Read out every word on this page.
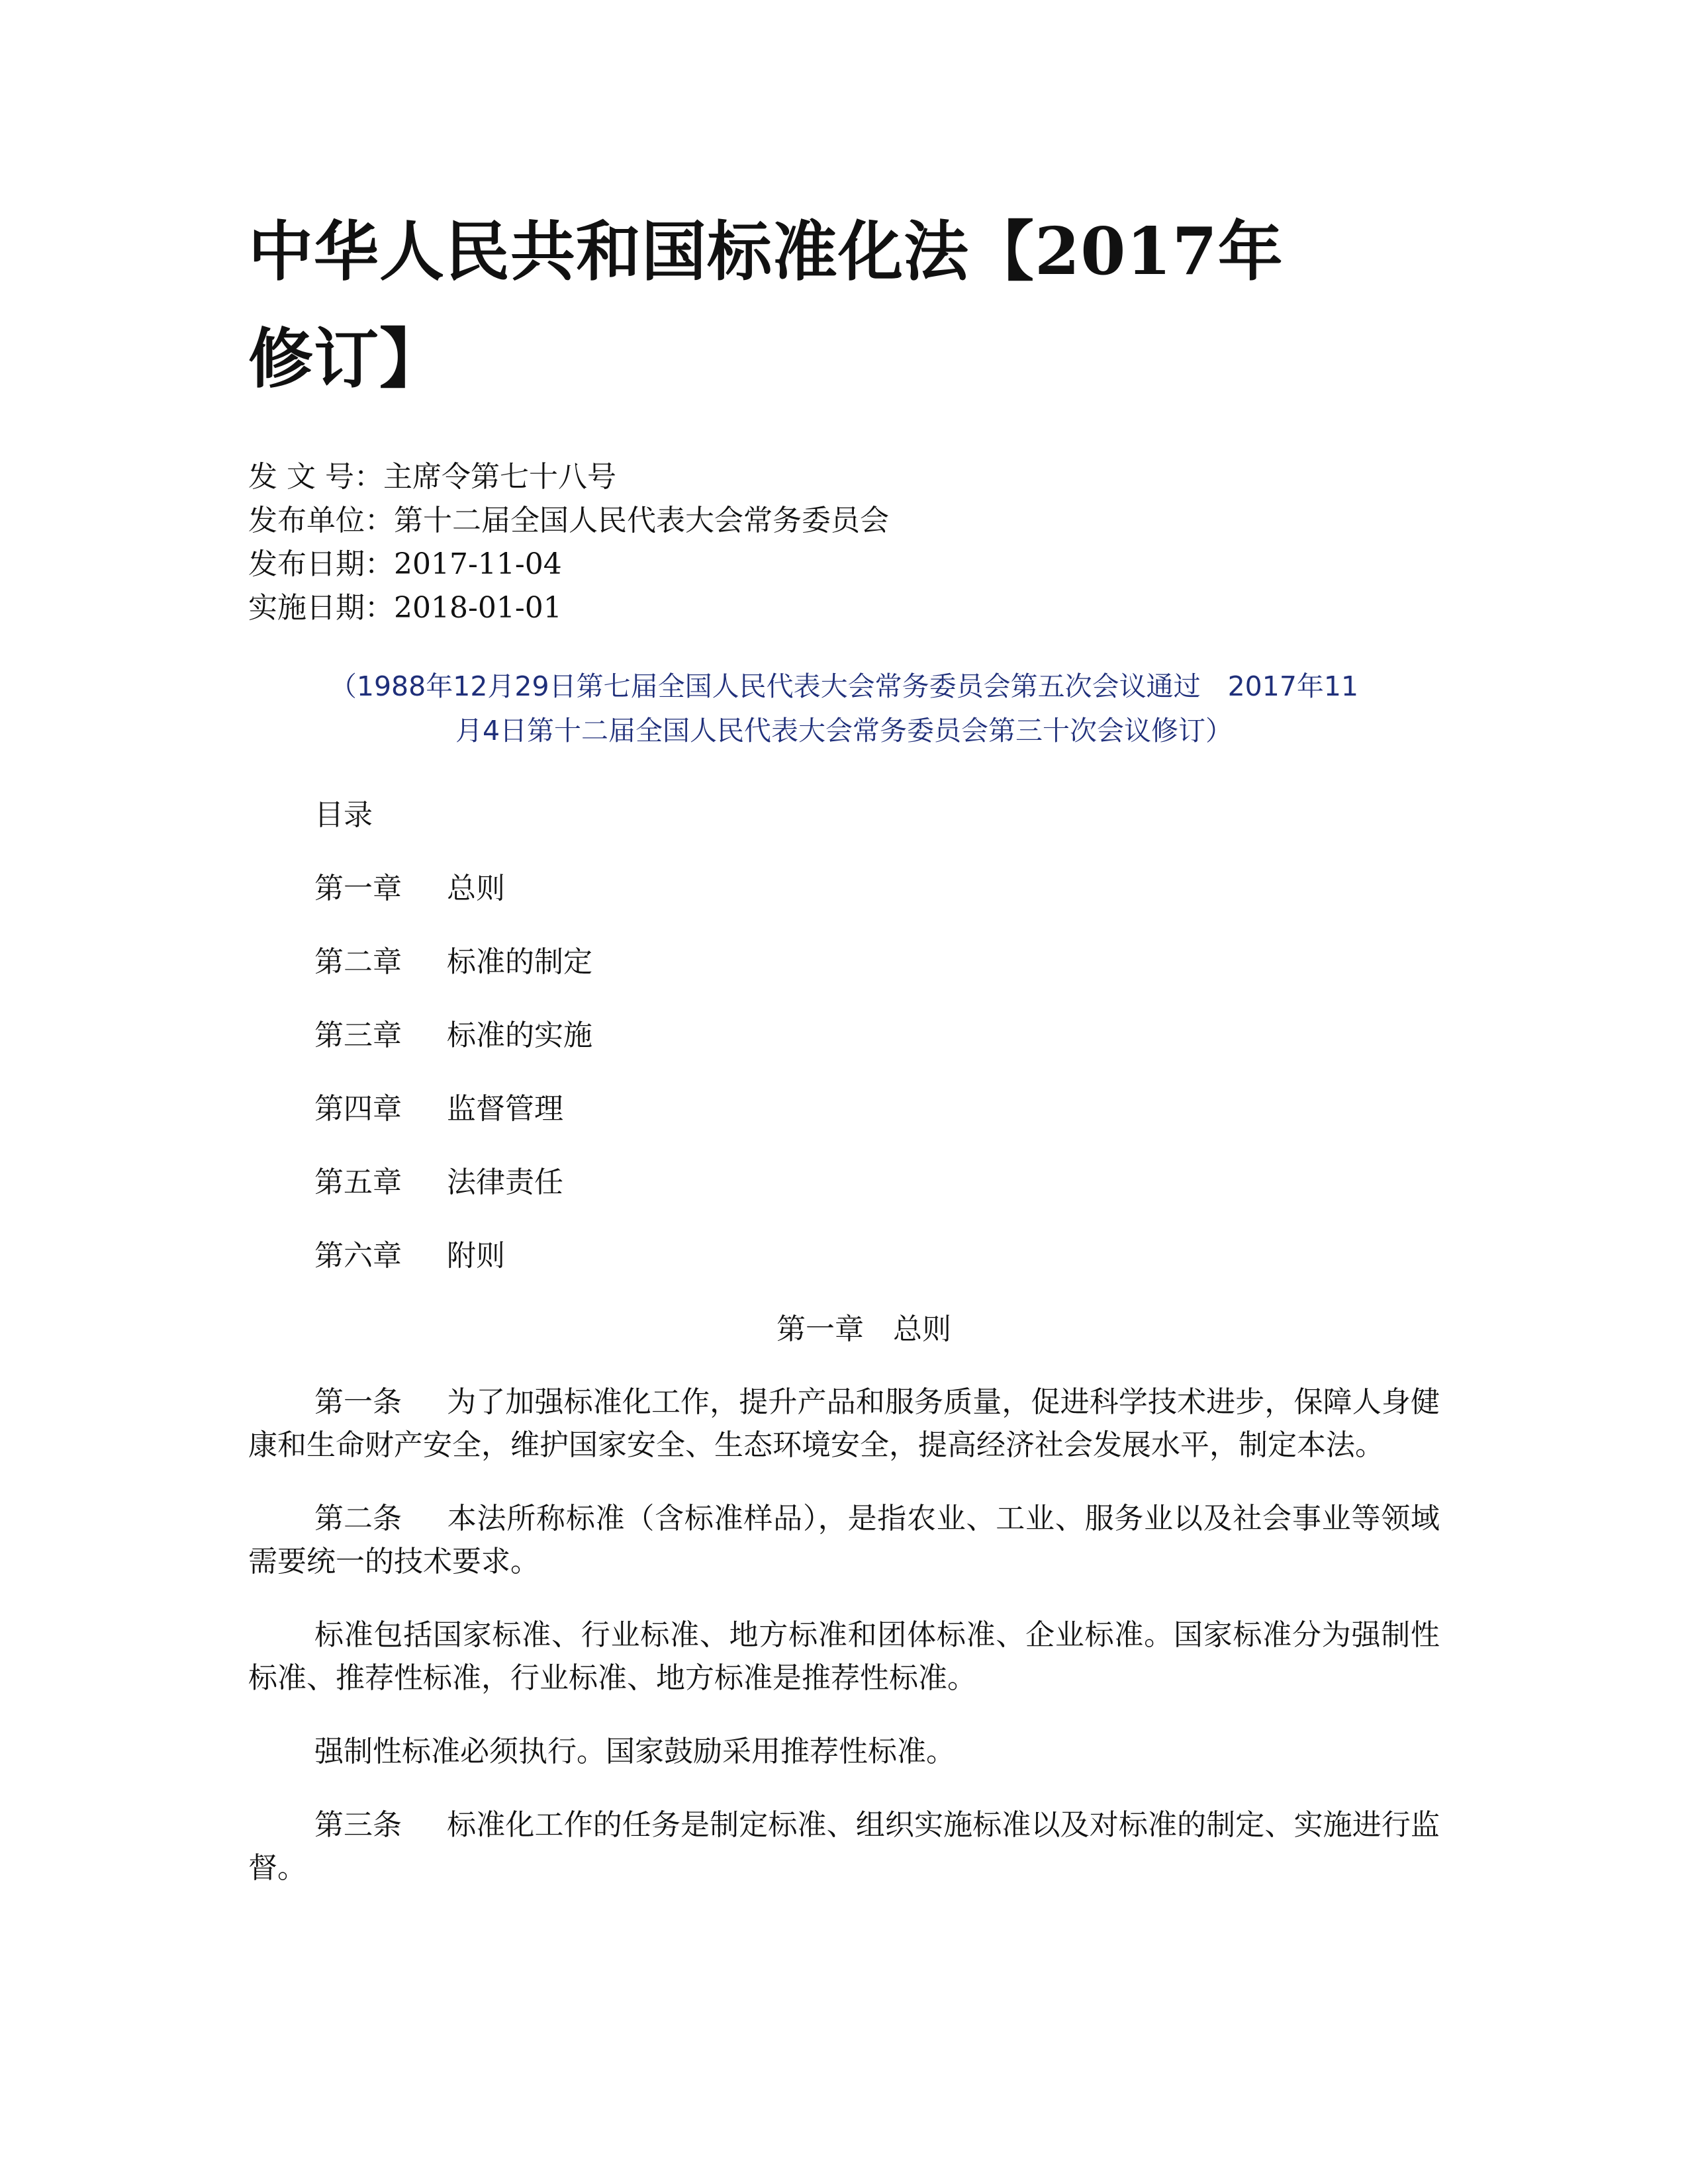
中华人民共和国标准化法【2017年修订】
发 文 号：主席令第七十八号
发布单位：第十二届全国人民代表大会常务委员会
发布日期：2017-11-04
实施日期：2018-01-01
（1988年12月29日第七届全国人民代表大会常务委员会第五次会议通过　2017年11
月4日第十二届全国人民代表大会常务委员会第三十次会议修订）
目录
第一章 总则
第二章 标准的制定
第三章 标准的实施
第四章 监督管理
第五章 法律责任
第六章 附则
第一章　总则

第一条 为了加强标准化工作，提升产品和服务质量，促进科学技术进步，保障人身健康和生命财产安全，维护国家安全、生态环境安全，提高经济社会发展水平，制定本法。

第二条 本法所称标准（含标准样品），是指农业、工业、服务业以及社会事业等领域需要统一的技术要求。

标准包括国家标准、行业标准、地方标准和团体标准、企业标准。国家标准分为强制性标准、推荐性标准，行业标准、地方标准是推荐性标准。

强制性标准必须执行。国家鼓励采用推荐性标准。

第三条 标准化工作的任务是制定标准、组织实施标准以及对标准的制定、实施进行监督。
